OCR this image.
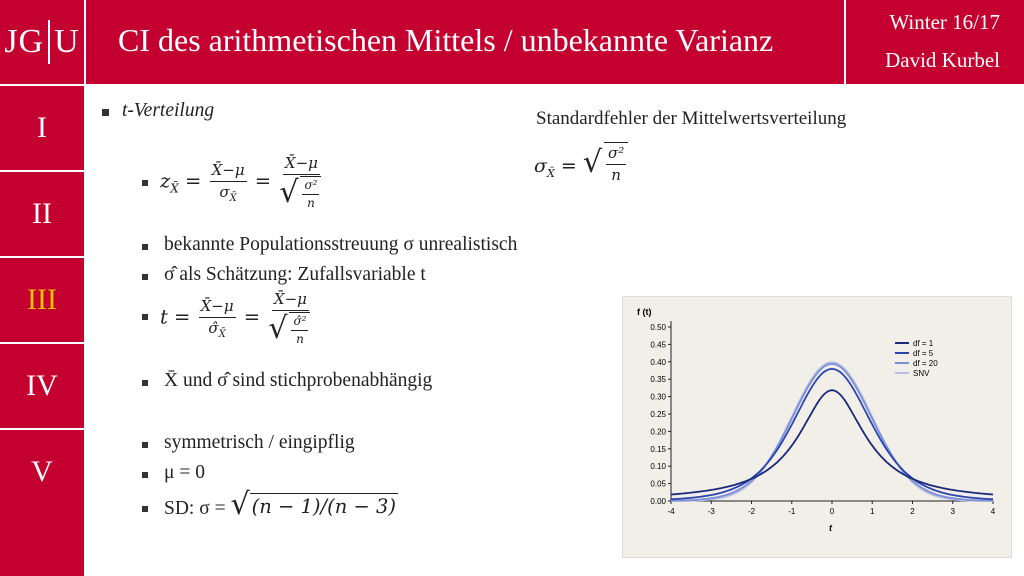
JG U
I
II
III
IV
V
CI des arithmetischen Mittels / unbekannte Varianz	Winter 16/17
David Kurbel
t-Verteilung
$z_{X̄} = \frac{X̄-\mu}{\sigma_{X̄}} = \frac{X̄-\mu}{√ \frac{\text{σ²}}{n}}$
bekannte Populationsstreuung σ unrealistisch
σ̂ als Schätzung: Zufallsvariable t
$t = \frac{X̄-\mu}{\sigmâ_{X̄}} = \frac{X̄-\mu}{√ \frac{\text{σ̂²}}{n}}$
X̄ und σ̂ sind stichprobenabhängig
symmetrisch / eingipflig
μ = 0
SD: σ = √ (n − 1)/(n − 3)
Standardfehler der Mittelwertsverteilung
$\sigma_{X̄}$ = √ $\frac{\text{σ²}}{n}$
f (t)
t
0.00
0.05
0.10
0.15
0.20
0.25
0.30
0.35
0.40
0.45
0.50
-4	-3	-2	-1	0	1	2	3	4
df = 1
df = 5
df = 20
SNV
